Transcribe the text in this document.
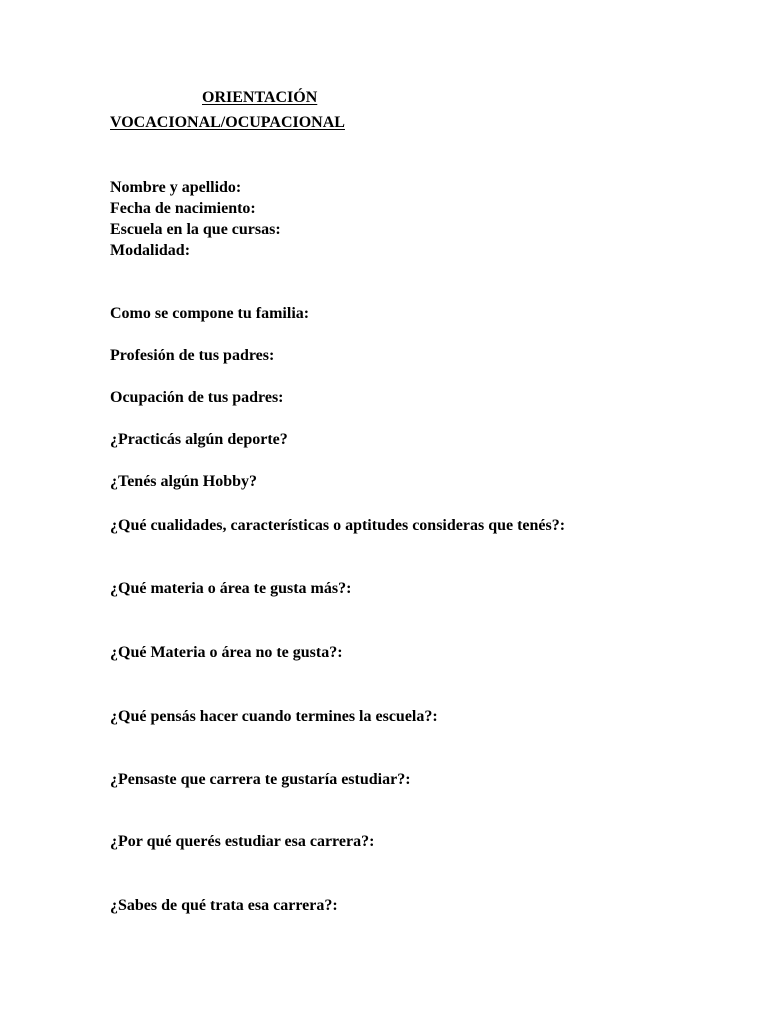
ORIENTACIÓN
VOCACIONAL/OCUPACIONAL
Nombre y apellido:
Fecha de nacimiento:
Escuela en la que cursas:
Modalidad:
Como se compone tu familia:
Profesión de tus padres:
Ocupación de tus padres:
¿Practicás algún deporte?
¿Tenés algún Hobby?
¿Qué cualidades, características o aptitudes consideras que tenés?:
¿Qué materia o área te gusta más?:
¿Qué Materia o área no te gusta?:
¿Qué pensás hacer cuando termines la escuela?:
¿Pensaste que carrera te gustaría estudiar?:
¿Por qué querés estudiar esa carrera?:
¿Sabes de qué trata esa carrera?:
